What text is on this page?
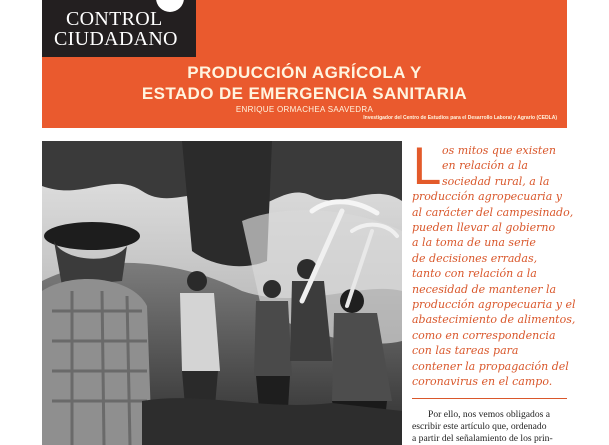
CONTROL
CIUDADANO
PRODUCCIÓN AGRÍCOLA Y
ESTADO DE EMERGENCIA SANITARIA
ENRIQUE ORMACHEA SAAVEDRA
Investigador del Centro de Estudios para el Desarrollo Laboral y Agrario (CEDLA)
L os mitos que existen
en relación a la
sociedad rural, a la
producción agropecuaria y
al carácter del campesinado,
pueden llevar al gobierno
a la toma de una serie
de decisiones erradas,
tanto con relación a la
necesidad de mantener la
producción agropecuaria y el
abastecimiento de alimentos,
como en correspondencia
con las tareas para
contener la propagación del
coronavirus en el campo.
Por ello, nos vemos obligados a
escribir este artículo que, ordenado
a partir del señalamiento de los prin-
